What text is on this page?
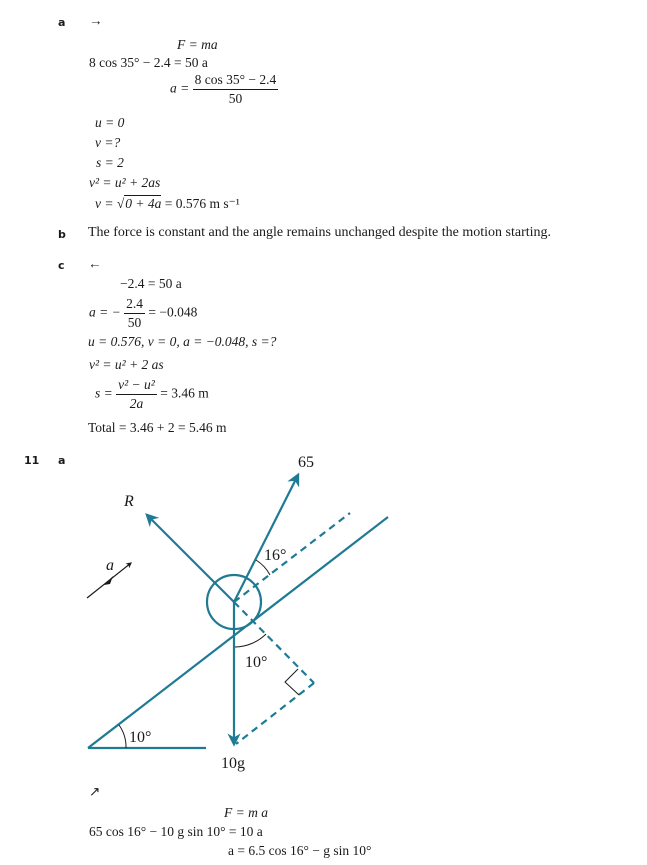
a →
F = ma
8 cos 35° − 2.4 = 50 a
$a = \frac{8 \cos 35^\circ - 2.4}{50}$
u = 0
v =?
s = 2
v² = u² + 2as
v = √0 + 4a = 0.576 m s⁻¹
b The force is constant and the angle remains unchanged despite the motion starting.
c ←
−2.4 = 50 a
a = − $\frac{2.4}{50} = -0.048$
u = 0.576, v = 0, a = −0.048, s =?
v² = u² + 2 as
$s = \frac{\text{v² − u²}}{2a} = 3.46$ m
Total = 3.46 + 2 = 5.46 m
11 a	65
R
a
16°
10°
10°
10g
↗
F = m a
65 cos 16° − 10 g sin 10° = 10 a
a = 6.5 cos 16° − g sin 10°
